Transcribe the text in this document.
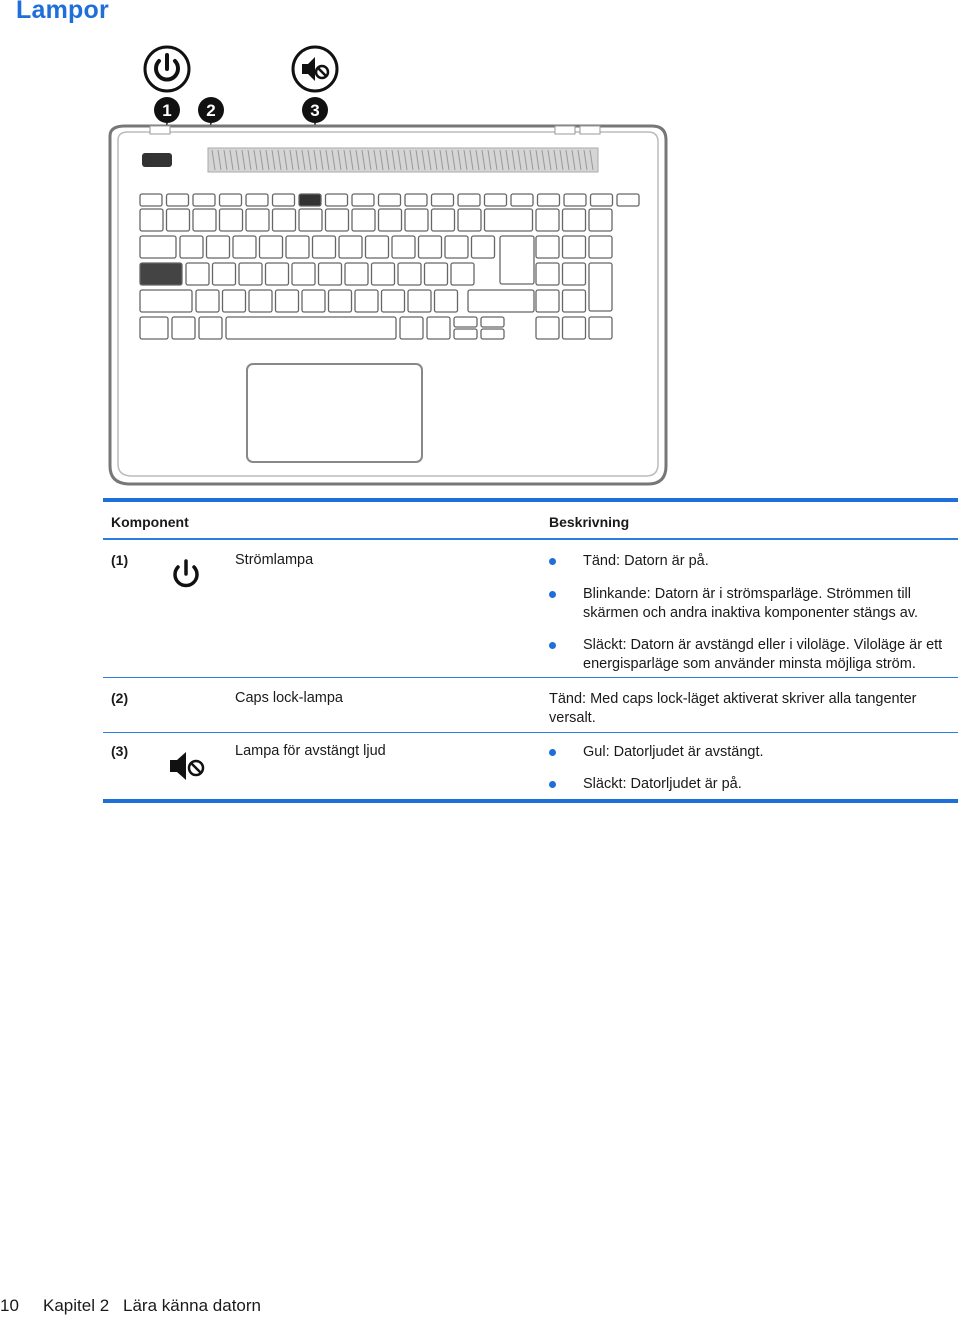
Lampor
1 2	3
Komponent	Beskrivning
(1)	Strömlampa	Tänd: Datorn är på.
Blinkande: Datorn är i strömsparläge. Strömmen till skärmen och andra inaktiva komponenter stängs av.
Släckt: Datorn är avstängd eller i viloläge. Viloläge är ett energisparläge som använder minsta möjliga ström.
(2)	Caps lock-lampa	Tänd: Med caps lock-läget aktiverat skriver alla tangenter versalt.
(3)	Lampa för avstängt ljud	Gul: Datorljudet är avstängt.
Släckt: Datorljudet är på.
10 Kapitel 2 Lära känna datorn
